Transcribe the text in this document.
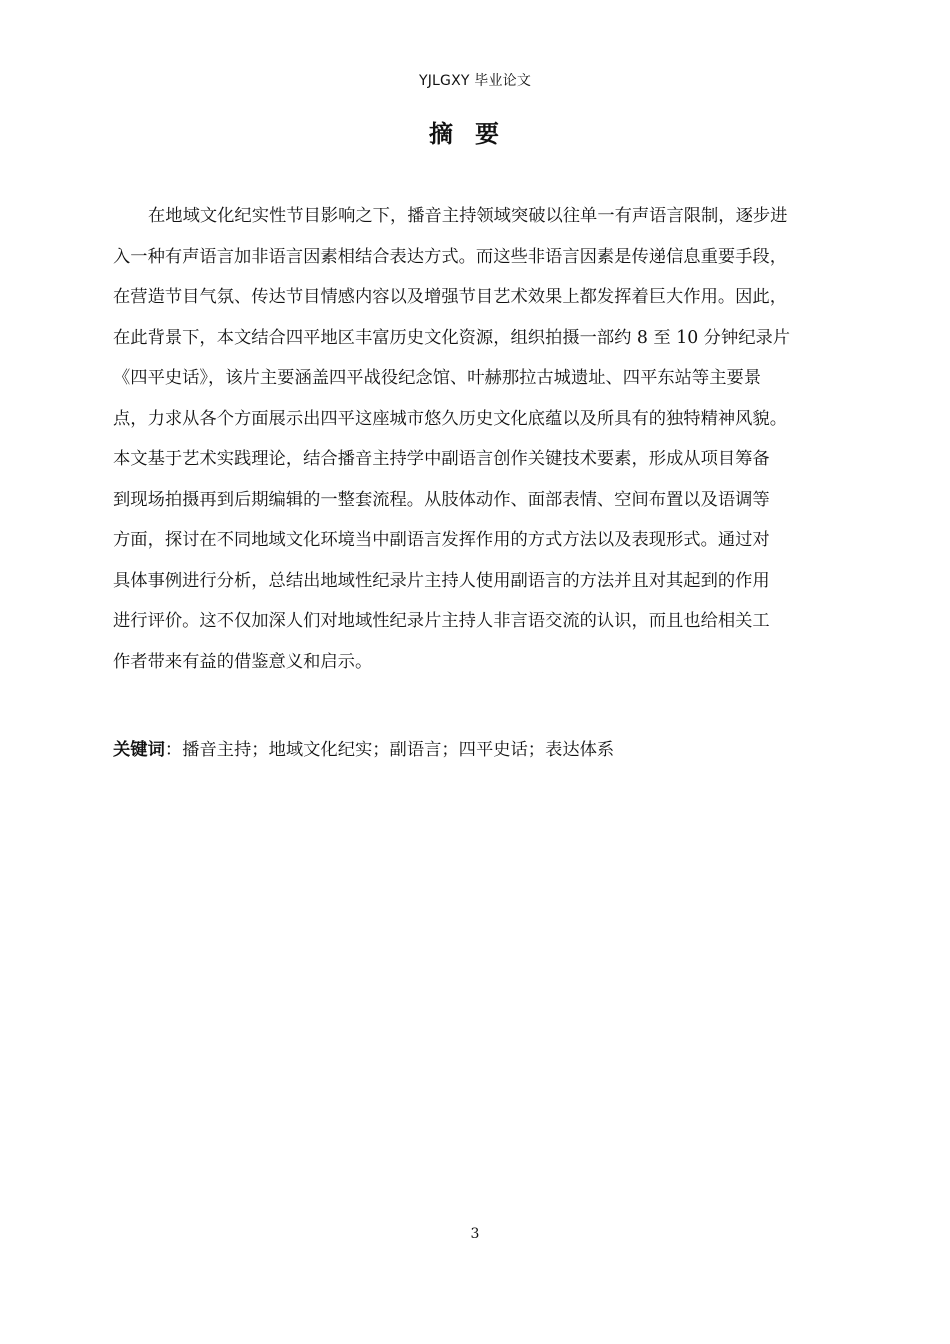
YJLGXY 毕业论文
摘要
在地域文化纪实性节目影响之下，播音主持领域突破以往单一有声语言限制，逐步进
入一种有声语言加非语言因素相结合表达方式。而这些非语言因素是传递信息重要手段，
在营造节目气氛、传达节目情感内容以及增强节目艺术效果上都发挥着巨大作用。因此，
在此背景下，本文结合四平地区丰富历史文化资源，组织拍摄一部约 8 至 10 分钟纪录片
《四平史话》，该片主要涵盖四平战役纪念馆、叶赫那拉古城遗址、四平东站等主要景
点，力求从各个方面展示出四平这座城市悠久历史文化底蕴以及所具有的独特精神风貌。
本文基于艺术实践理论，结合播音主持学中副语言创作关键技术要素，形成从项目筹备
到现场拍摄再到后期编辑的一整套流程。从肢体动作、面部表情、空间布置以及语调等
方面，探讨在不同地域文化环境当中副语言发挥作用的方式方法以及表现形式。通过对
具体事例进行分析，总结出地域性纪录片主持人使用副语言的方法并且对其起到的作用
进行评价。这不仅加深人们对地域性纪录片主持人非言语交流的认识，而且也给相关工
作者带来有益的借鉴意义和启示。
关键词：播音主持；地域文化纪实；副语言；四平史话；表达体系
3
